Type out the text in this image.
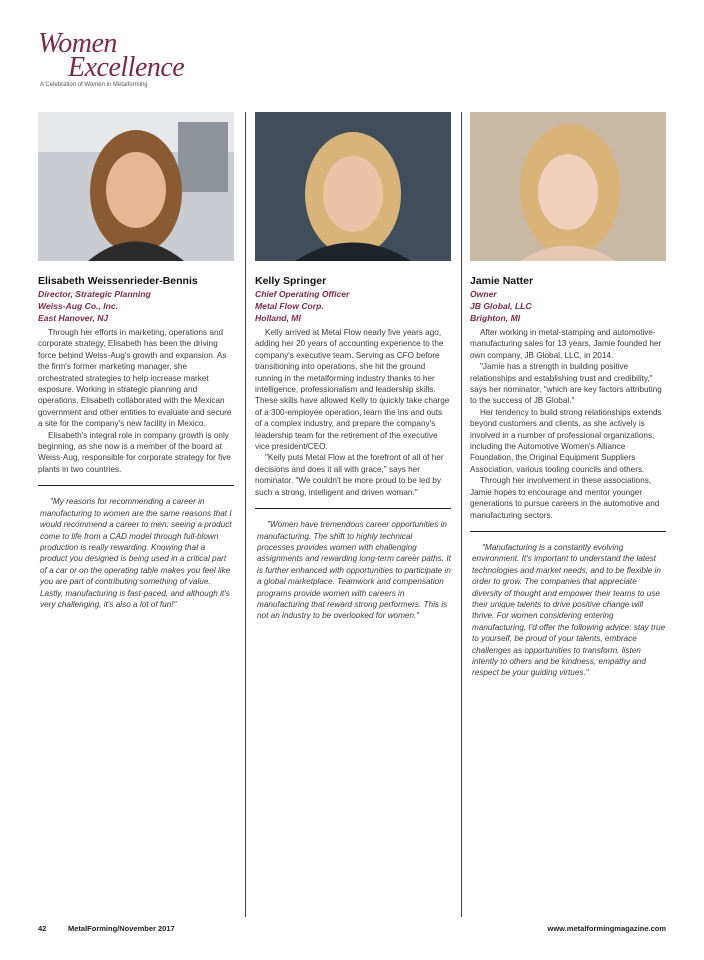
Women
Excellence
A Celebration of Women in Metalforming
Elisabeth Weissenrieder-Bennis
Director, Strategic Planning
Weiss-Aug Co., Inc.
East Hanover, NJ

Through her efforts in marketing, operations and corporate strategy, Elisabeth has been the driving force behind Weiss-Aug's growth and expansion. As the firm's former marketing manager, she orchestrated strategies to help increase market exposure. Working in strategic planning and operations, Elisabeth collaborated with the Mexican government and other entities to evaluate and secure a site for the company's new facility in Mexico.

Elisabeth's integral role in company growth is only beginning, as she now is a member of the board at Weiss-Aug, responsible for corporate strategy for five plants in two countries.

"My reasons for recommending a career in manufacturing to women are the same reasons that I would recommend a career to men: seeing a product come to life from a CAD model through full-blown production is really rewarding. Knowing that a product you designed is being used in a critical part of a car or on the operating table makes you feel like you are part of contributing something of value. Lastly, manufacturing is fast-paced, and although it's very challenging, it's also a lot of fun!"

Kelly Springer
Chief Operating Officer
Metal Flow Corp.
Holland, MI

Kelly arrived at Metal Flow nearly five years ago, adding her 20 years of accounting experience to the company's executive team. Serving as CFO before transitioning into operations, she hit the ground running in the metalforming industry thanks to her intelligence, professionalism and leadership skills. These skills have allowed Kelly to quickly take charge of a 300-employee operation, learn the ins and outs of a complex industry, and prepare the company's leadership team for the retirement of the executive vice president/CEO.

"Kelly puts Metal Flow at the forefront of all of her decisions and does it all with grace," says her nominator. "We couldn't be more proud to be led by such a strong, intelligent and driven woman."

"Women have tremendous career opportunities in manufacturing. The shift to highly technical processes provides women with challenging assignments and rewarding long-term career paths. It is further enhanced with opportunities to participate in a global marketplace. Teamwork and compensation programs provide women with careers in manufacturing that reward strong performers. This is not an industry to be overlooked for women."

Jamie Natter
Owner
JB Global, LLC
Brighton, MI

After working in metal-stamping and automotive-manufacturing sales for 13 years, Jamie founded her own company, JB Global, LLC, in 2014.

"Jamie has a strength in building positive relationships and establishing trust and credibility," says her nominator, "which are key factors attributing to the success of JB Global."

Her tendency to build strong relationships extends beyond customers and clients, as she actively is involved in a number of professional organizations, including the Automotive Women's Alliance Foundation, the Original Equipment Suppliers Association, various tooling councils and others.

Through her involvement in these associations, Jamie hopes to encourage and mentor younger generations to pursue careers in the automotive and manufacturing sectors.

"Manufacturing is a constantly evolving environment. It's important to understand the latest technologies and market needs, and to be flexible in order to grow. The companies that appreciate diversity of thought and empower their teams to use their unique talents to drive positive change will thrive. For women considering entering manufacturing, I'd offer the following advice: stay true to yourself, be proud of your talents, embrace challenges as opportunities to transform, listen intently to others and be kindness, empathy and respect be your guiding virtues."

42	MetalForming/November 2017	www.metalformingmagazine.com
